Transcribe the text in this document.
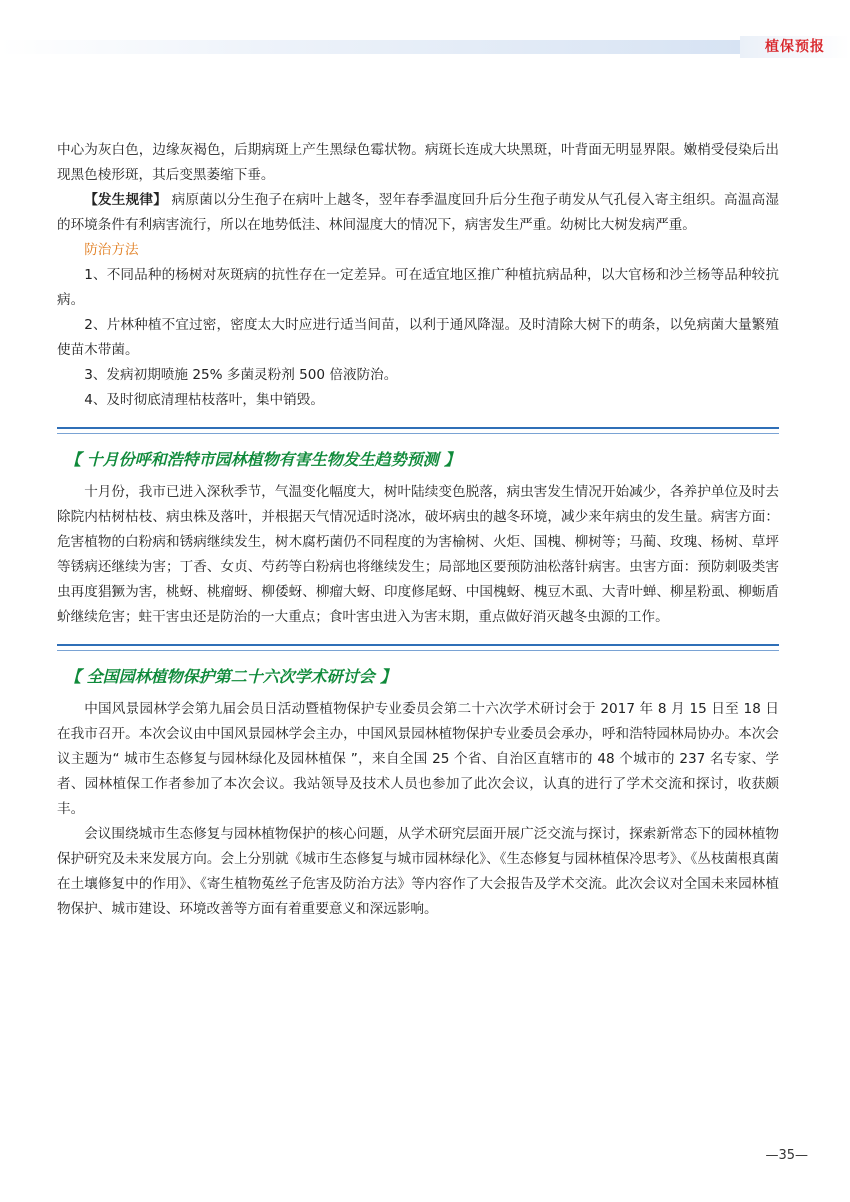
植保预报

中心为灰白色，边缘灰褐色，后期病斑上产生黑绿色霉状物。病斑长连成大块黑斑，叶背面无明显界限。嫩梢受侵染后出现黑色棱形斑，其后变黑萎缩下垂。

【发生规律】 病原菌以分生孢子在病叶上越冬，翌年春季温度回升后分生孢子萌发从气孔侵入寄主组织。高温高湿的环境条件有利病害流行，所以在地势低洼、林间湿度大的情况下，病害发生严重。幼树比大树发病严重。

防治方法

1、不同品种的杨树对灰斑病的抗性存在一定差异。可在适宜地区推广种植抗病品种，以大官杨和沙兰杨等品种较抗病。

2、片林种植不宜过密，密度太大时应进行适当间苗，以利于通风降湿。及时清除大树下的萌条，以免病菌大量繁殖使苗木带菌。

3、发病初期喷施 25% 多菌灵粉剂 500 倍液防治。

4、及时彻底清理枯枝落叶，集中销毁。

【 十月份呼和浩特市园林植物有害生物发生趋势预测 】

十月份，我市已进入深秋季节，气温变化幅度大，树叶陆续变色脱落，病虫害发生情况开始减少，各养护单位及时去除院内枯树枯枝、病虫株及落叶，并根据天气情况适时浇冰，破坏病虫的越冬环境，减少来年病虫的发生量。病害方面：危害植物的白粉病和锈病继续发生，树木腐朽菌仍不同程度的为害榆树、火炬、国槐、柳树等；马蔺、玫瑰、杨树、草坪等锈病还继续为害；丁香、女贞、芍药等白粉病也将继续发生；局部地区要预防油松落针病害。虫害方面：预防刺吸类害虫再度猖獗为害，桃蚜、桃瘤蚜、柳倭蚜、柳瘤大蚜、印度修尾蚜、中国槐蚜、槐豆木虱、大青叶蝉、柳星粉虱、柳蛎盾蚧继续危害；蛀干害虫还是防治的一大重点；食叶害虫进入为害末期，重点做好消灭越冬虫源的工作。

【 全国园林植物保护第二十六次学术研讨会 】

中国风景园林学会第九届会员日活动暨植物保护专业委员会第二十六次学术研讨会于 2017 年 8 月 15 日至 18 日在我市召开。本次会议由中国风景园林学会主办，中国风景园林植物保护专业委员会承办，呼和浩特园林局协办。本次会议主题为“ 城市生态修复与园林绿化及园林植保 ”，来自全国 25 个省、自治区直辖市的 48 个城市的 237 名专家、学者、园林植保工作者参加了本次会议。我站领导及技术人员也参加了此次会议，认真的进行了学术交流和探讨，收获颇丰。

会议围绕城市生态修复与园林植物保护的核心问题，从学术研究层面开展广泛交流与探讨，探索新常态下的园林植物保护研究及未来发展方向。会上分别就《城市生态修复与城市园林绿化》、《生态修复与园林植保冷思考》、《丛枝菌根真菌在土壤修复中的作用》、《寄生植物菟丝子危害及防治方法》等内容作了大会报告及学术交流。此次会议对全国未来园林植物保护、城市建设、环境改善等方面有着重要意义和深远影响。

—35—
